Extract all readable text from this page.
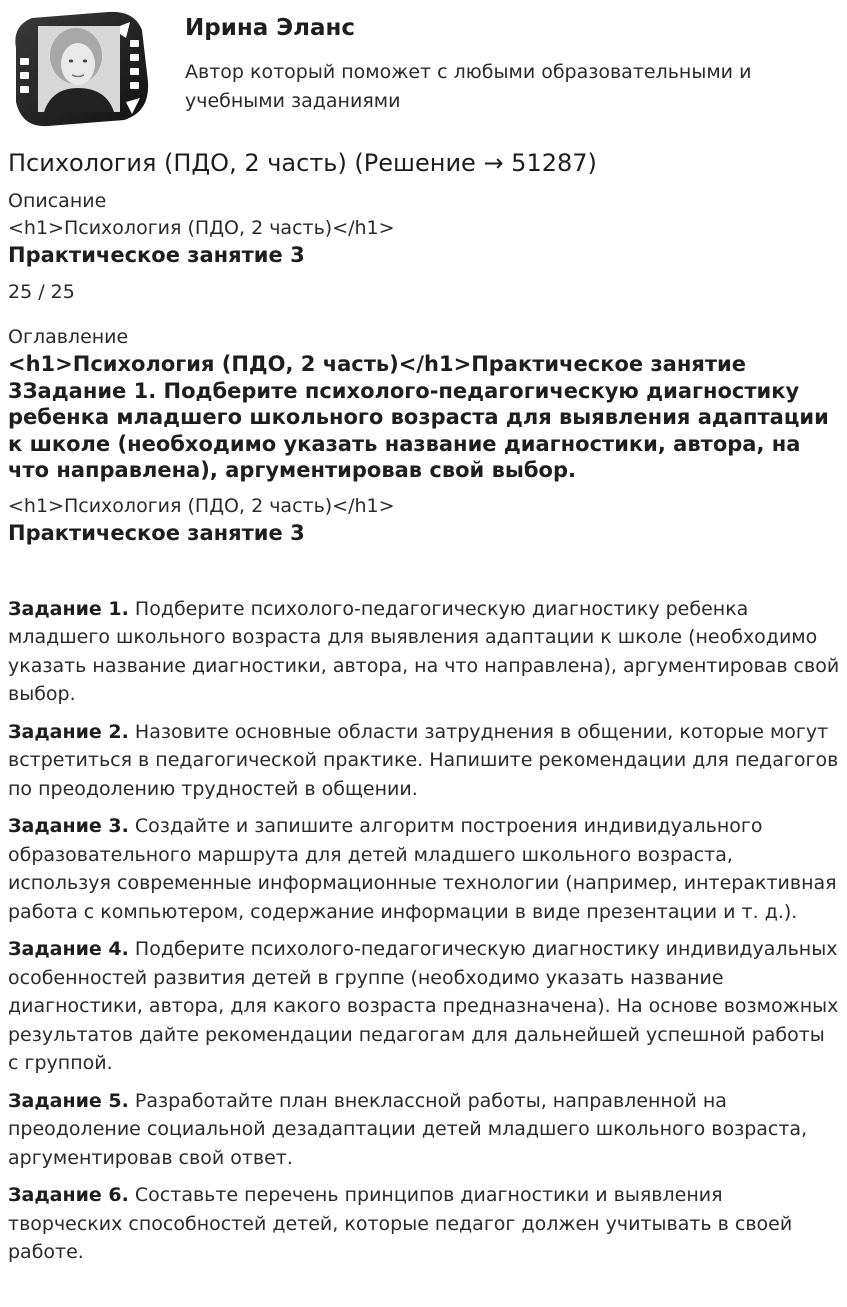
Ирина Эланс
Автор который поможет с любыми образовательными и учебными заданиями
Психология (ПДО, 2 часть) (Решение → 51287)
Описание
<h1>Психология (ПДО, 2 часть)</h1>
Практическое занятие 3
25 / 25
Оглавление
<h1>Психология (ПДО, 2 часть)</h1>Практическое занятие 3Задание 1. Подберите психолого-педагогическую диагностику ребенка младшего школьного возраста для выявления адаптации к школе (необходимо указать название диагностики, автора, на что направлена), аргументировав свой выбор.
<h1>Психология (ПДО, 2 часть)</h1>
Практическое занятие 3

Задание 1. Подберите психолого-педагогическую диагностику ребенка младшего школьного возраста для выявления адаптации к школе (необходимо указать название диагностики, автора, на что направлена), аргументировав свой выбор.

Задание 2. Назовите основные области затруднения в общении, которые могут встретиться в педагогической практике. Напишите рекомендации для педагогов по преодолению трудностей в общении.

Задание 3. Создайте и запишите алгоритм построения индивидуального образовательного маршрута для детей младшего школьного возраста, используя современные информационные технологии (например, интерактивная работа с компьютером, содержание информации в виде презентации и т. д.).

Задание 4. Подберите психолого-педагогическую диагностику индивидуальных особенностей развития детей в группе (необходимо указать название диагностики, автора, для какого возраста предназначена). На основе возможных результатов дайте рекомендации педагогам для дальнейшей успешной работы с группой.

Задание 5. Разработайте план внеклассной работы, направленной на преодоление социальной дезадаптации детей младшего школьного возраста, аргументировав свой ответ.

Задание 6. Составьте перечень принципов диагностики и выявления творческих способностей детей, которые педагог должен учитывать в своей работе.
